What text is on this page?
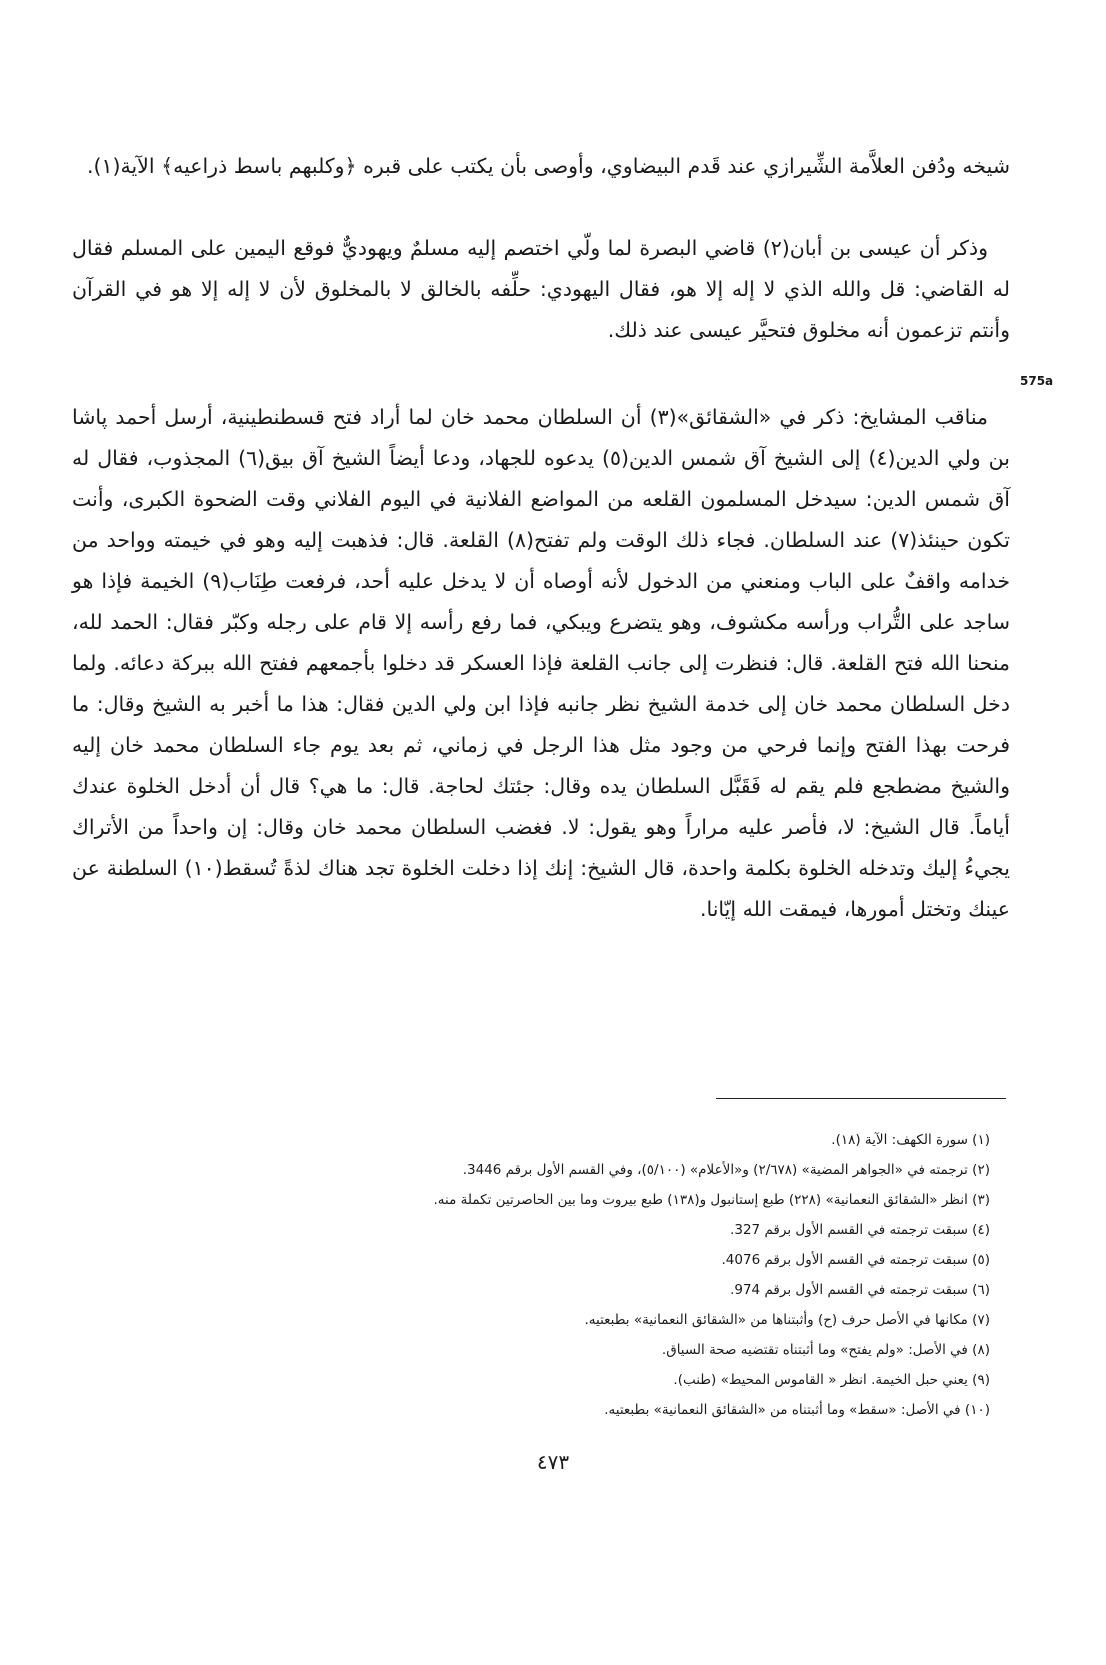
شيخه ودُفن العلاَّمة الشِّيرازي عند قَدم البيضاوي، وأوصى بأن يكتب على قبره ﴿وكلبهم باسط ذراعيه﴾ الآية(١).

وذكر أن عيسى بن أبان(٢) قاضي البصرة لما ولّي اختصم إليه مسلمٌ ويهوديٌّ فوقع اليمين على المسلم فقال له القاضي: قل والله الذي لا إله إلا هو، فقال اليهودي: حلِّفه بالخالق لا بالمخلوق لأن لا إله إلا هو في القرآن وأنتم تزعمون أنه مخلوق فتحيَّر عيسى عند ذلك.

575a

مناقب المشايخ: ذكر في «الشقائق»(٣) أن السلطان محمد خان لما أراد فتح قسطنطينية، أرسل أحمد پاشا بن ولي الدين(٤) إلى الشيخ آق شمس الدين(٥) يدعوه للجهاد، ودعا أيضاً الشيخ آق بيق(٦) المجذوب، فقال له آق شمس الدين: سيدخل المسلمون القلعه من المواضع الفلانية في اليوم الفلاني وقت الضحوة الكبرى، وأنت تكون حينئذ(٧) عند السلطان. فجاء ذلك الوقت ولم تفتح(٨) القلعة. قال: فذهبت إليه وهو في خيمته وواحد من خدامه واقفٌ على الباب ومنعني من الدخول لأنه أوصاه أن لا يدخل عليه أحد، فرفعت طِنَاب(٩) الخيمة فإذا هو ساجد على التُّراب ورأسه مكشوف، وهو يتضرع ويبكي، فما رفع رأسه إلا قام على رجله وكبّر فقال: الحمد لله، منحنا الله فتح القلعة. قال: فنظرت إلى جانب القلعة فإذا العسكر قد دخلوا بأجمعهم ففتح الله ببركة دعائه. ولما دخل السلطان محمد خان إلى خدمة الشيخ نظر جانبه فإذا ابن ولي الدين فقال: هذا ما أخبر به الشيخ وقال: ما فرحت بهذا الفتح وإنما فرحي من وجود مثل هذا الرجل في زماني، ثم بعد يوم جاء السلطان محمد خان إليه والشيخ مضطجع فلم يقم له فَقَبَّل السلطان يده وقال: جئتك لحاجة. قال: ما هي؟ قال أن أدخل الخلوة عندك أياماً. قال الشيخ: لا، فأصر عليه مراراً وهو يقول: لا. فغضب السلطان محمد خان وقال: إن واحداً من الأتراك يجيءُ إليك وتدخله الخلوة بكلمة واحدة، قال الشيخ: إنك إذا دخلت الخلوة تجد هناك لذةً تُسقط(١٠) السلطنة عن عينك وتختل أمورها، فيمقت الله إيّانا.

(١) سورة الكهف: الآية (١٨).
(٢) ترجمته في «الجواهر المضية» (٢/٦٧٨) و«الأعلام» (٥/١٠٠)، وفي القسم الأول برقم 3446.
(٣) انظر «الشقائق النعمانية» (٢٢٨) طبع إستانبول و(١٣٨) طبع بيروت وما بين الحاصرتين تكملة منه.
(٤) سبقت ترجمته في القسم الأول برقم 327.
(٥) سبقت ترجمته في القسم الأول برقم 4076.
(٦) سبقت ترجمته في القسم الأول برقم 974.
(٧) مكانها في الأصل حرف (ح) وأثبتناها من «الشقائق النعمانية» بطبعتيه.
(٨) في الأصل: «ولم يفتح» وما أثبتناه تقتضيه صحة السياق.
(٩) يعني حبل الخيمة. انظر « القاموس المحيط» (طنب).
(١٠) في الأصل: «سقط» وما أثبتناه من «الشقائق النعمانية» بطبعتيه.
٤٧٣
